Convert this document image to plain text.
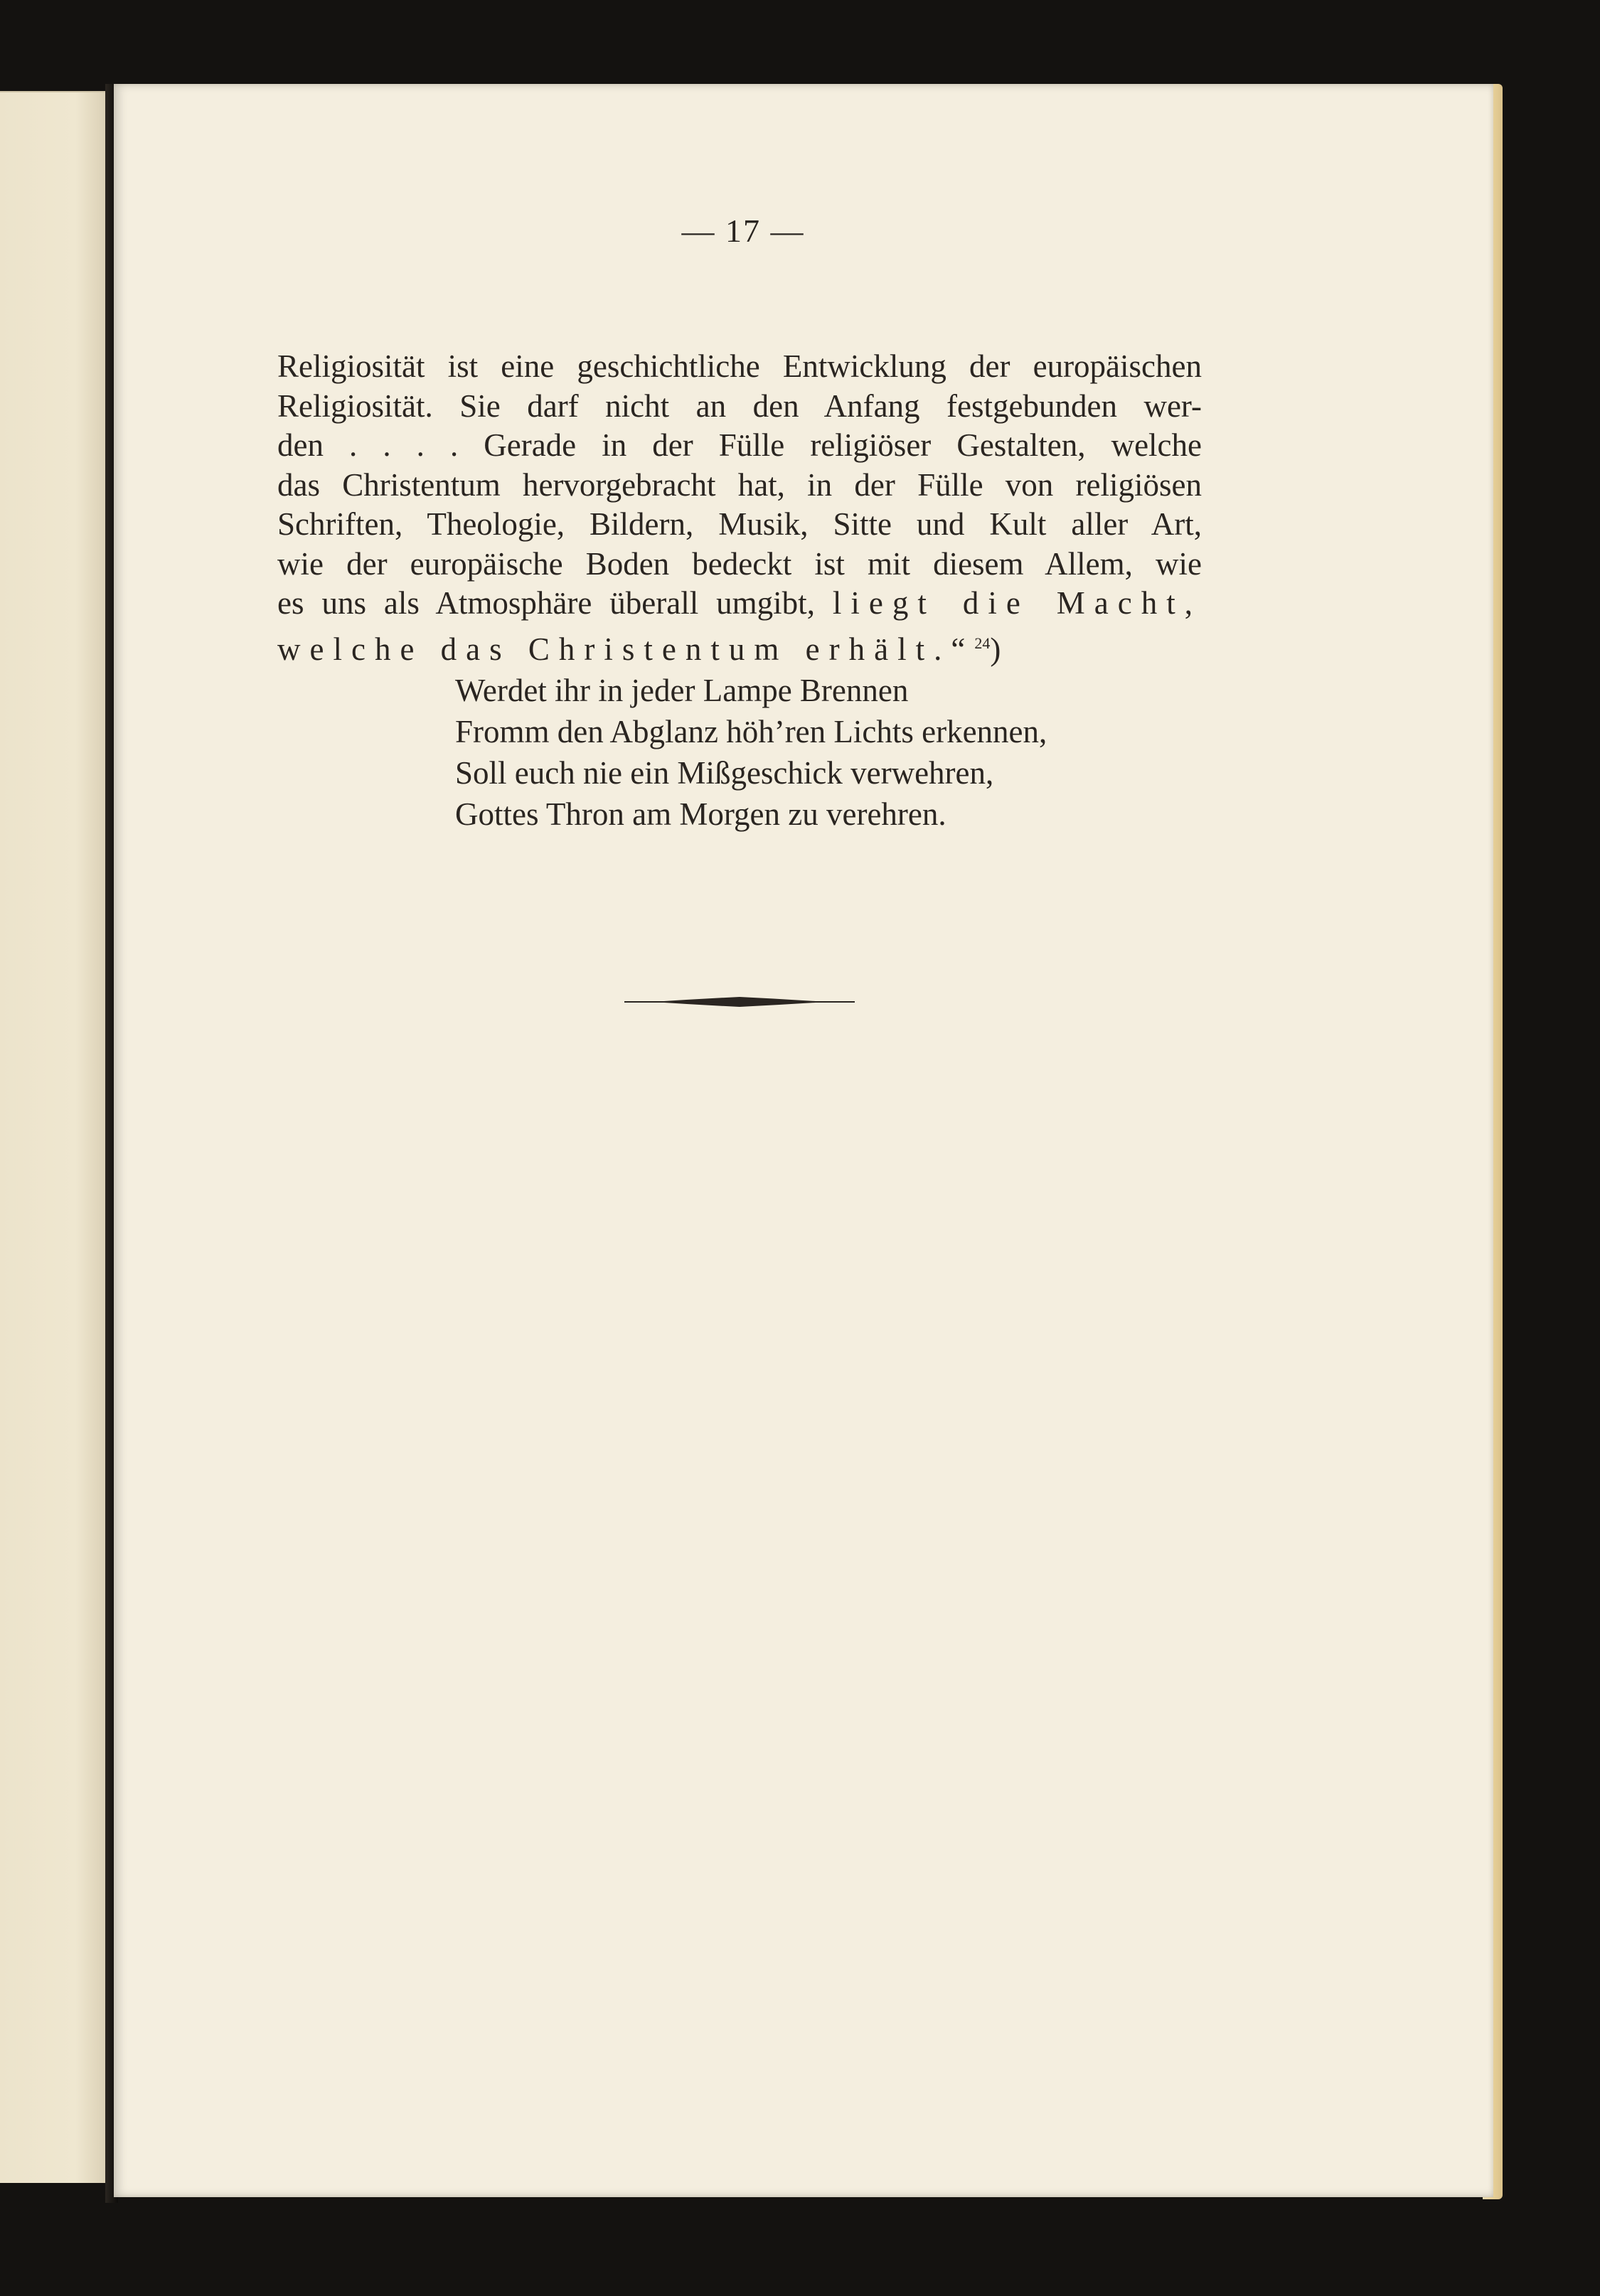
— 17 —
Religiosität ist eine geschichtliche Entwicklung der europäischen
Religiosität. Sie darf nicht an den Anfang festgebunden wer-
den . . . . Gerade in der Fülle religiöser Gestalten, welche
das Christentum hervorgebracht hat, in der Fülle von religiösen
Schriften, Theologie, Bildern, Musik, Sitte und Kult aller Art,
wie der europäische Boden bedeckt ist mit diesem Allem, wie
es uns als Atmosphäre überall umgibt, liegt die Macht,
welche das Christentum erhält.“$^{24}$)
Werdet ihr in jeder Lampe Brennen
Fromm den Abglanz höh’ren Lichts erkennen,
Soll euch nie ein Mißgeschick verwehren,
Gottes Thron am Morgen zu verehren.
